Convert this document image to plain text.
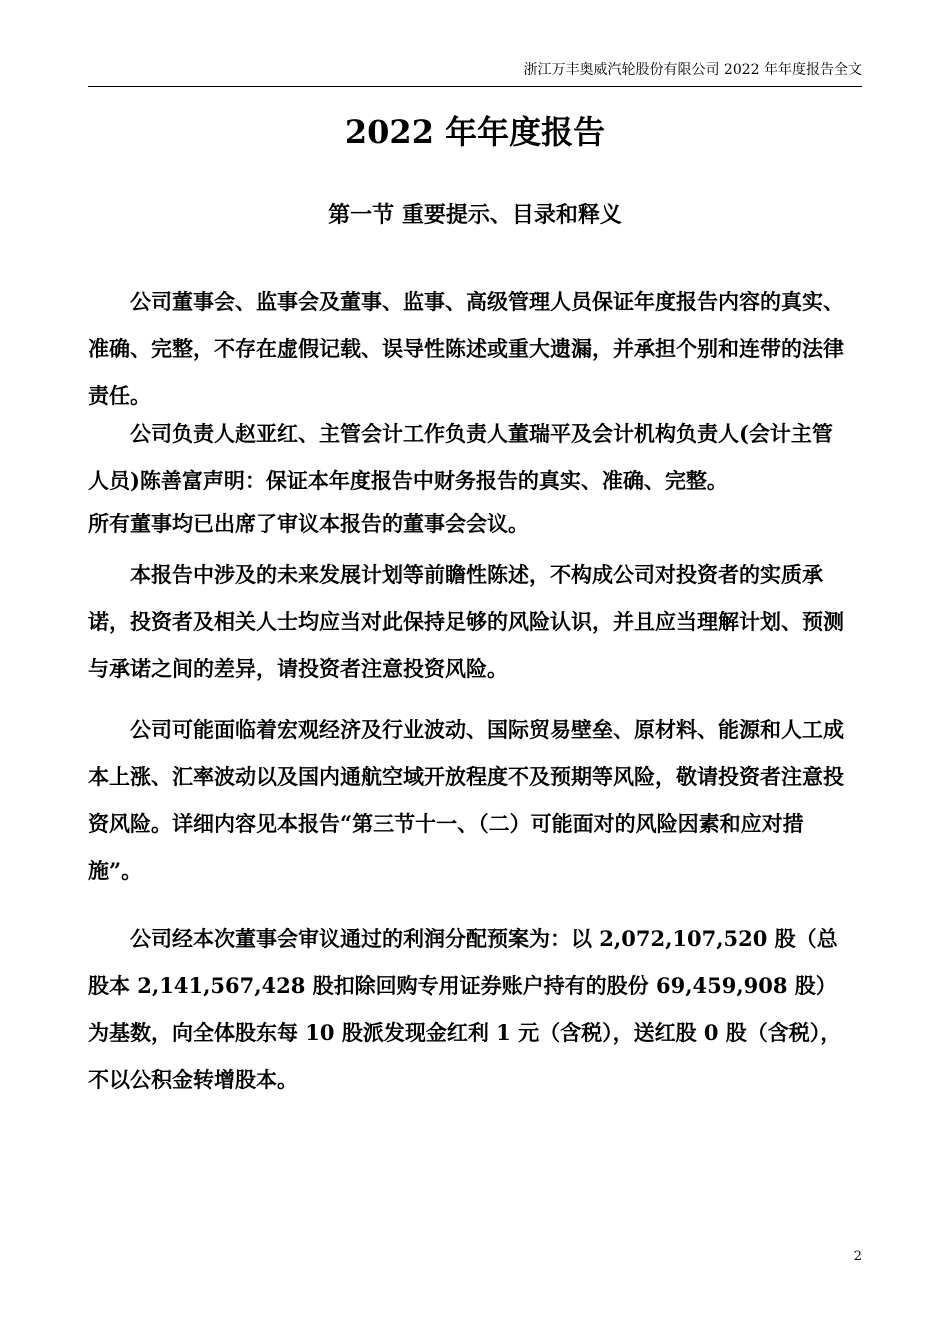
浙江万丰奥威汽轮股份有限公司 2022 年年度报告全文
2022 年年度报告
第一节 重要提示、目录和释义
公司董事会、监事会及董事、监事、高级管理人员保证年度报告内容的真实、准确、完整，不存在虚假记载、误导性陈述或重大遗漏，并承担个别和连带的法律责任。
公司负责人赵亚红、主管会计工作负责人董瑞平及会计机构负责人(会计主管人员)陈善富声明：保证本年度报告中财务报告的真实、准确、完整。
所有董事均已出席了审议本报告的董事会会议。
本报告中涉及的未来发展计划等前瞻性陈述，不构成公司对投资者的实质承诺，投资者及相关人士均应当对此保持足够的风险认识，并且应当理解计划、预测与承诺之间的差异，请投资者注意投资风险。
公司可能面临着宏观经济及行业波动、国际贸易壁垒、原材料、能源和人工成本上涨、汇率波动以及国内通航空域开放程度不及预期等风险，敬请投资者注意投资风险。详细内容见本报告“第三节十一、（二）可能面对的风险因素和应对措施”。
公司经本次董事会审议通过的利润分配预案为：以 2,072,107,520 股（总股本 2,141,567,428 股扣除回购专用证券账户持有的股份 69,459,908 股）为基数，向全体股东每 10 股派发现金红利 1 元（含税），送红股 0 股（含税），不以公积金转增股本。
2
